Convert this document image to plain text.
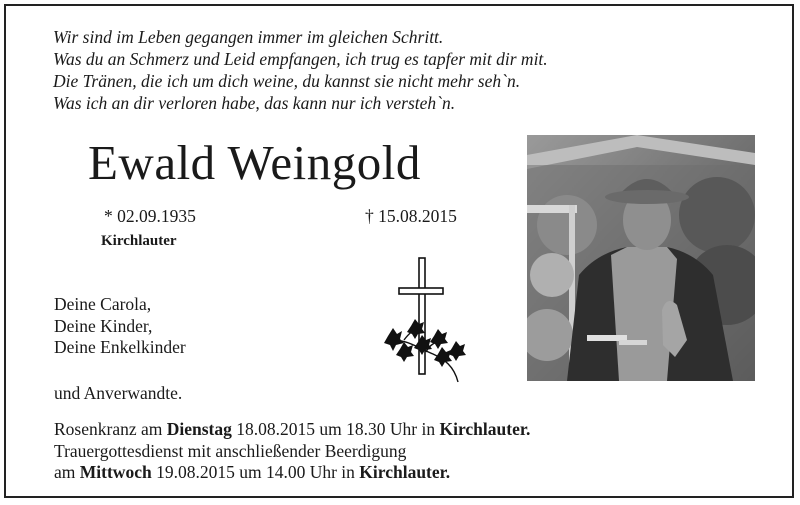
Wir sind im Leben gegangen immer im gleichen Schritt.
Was du an Schmerz und Leid empfangen, ich trug es tapfer mit dir mit.
Die Tränen, die ich um dich weine, du kannst sie nicht mehr seh`n.
Was ich an dir verloren habe, das kann nur ich versteh`n.
Ewald Weingold
* 02.09.1935	† 15.08.2015
Kirchlauter
Deine Carola,
Deine Kinder,
Deine Enkelkinder
und Anverwandte.
Rosenkranz am Dienstag 18.08.2015 um 18.30 Uhr in Kirchlauter.
Trauergottesdienst mit anschließender Beerdigung
am Mittwoch 19.08.2015 um 14.00 Uhr in Kirchlauter.
